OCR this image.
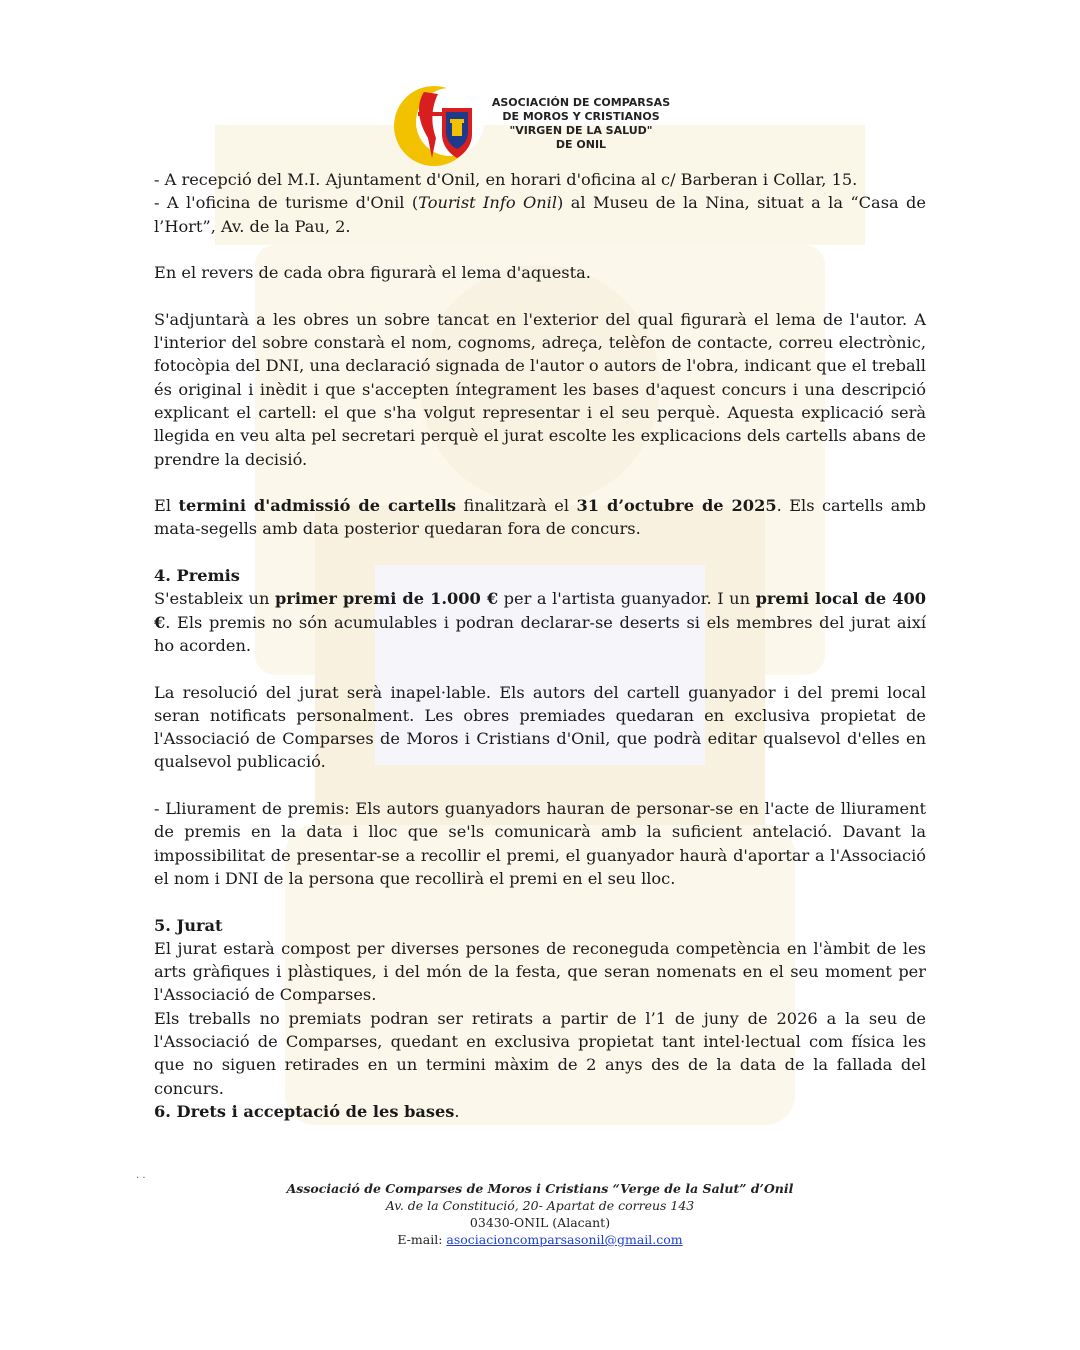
ASOCIACIÓN DE COMPARSAS
DE MOROS Y CRISTIANOS
"VIRGEN DE LA SALUD"
DE ONIL

- A recepció del M.I. Ajuntament d'Onil, en horari d'oficina al c/ Barberan i Collar, 15.

- A l'oficina de turisme d'Onil (Tourist Info Onil) al Museu de la Nina, situat a la “Casa de l’Hort”, Av. de la Pau, 2.

En el revers de cada obra figurarà el lema d'aquesta.

S'adjuntarà a les obres un sobre tancat en l'exterior del qual figurarà el lema de l'autor. A l'interior del sobre constarà el nom, cognoms, adreça, telèfon de contacte, correu electrònic, fotocòpia del DNI, una declaració signada de l'autor o autors de l'obra, indicant que el treball és original i inèdit i que s'accepten íntegrament les bases d'aquest concurs i una descripció explicant el cartell: el que s'ha volgut representar i el seu perquè. Aquesta explicació serà llegida en veu alta pel secretari perquè el jurat escolte les explicacions dels cartells abans de prendre la decisió.

El termini d'admissió de cartells finalitzarà el 31 d’octubre de 2025. Els cartells amb mata-segells amb data posterior quedaran fora de concurs.

4. Premis

S'estableix un primer premi de 1.000 € per a l'artista guanyador. I un premi local de 400 €. Els premis no són acumulables i podran declarar-se deserts si els membres del jurat així ho acorden.

La resolució del jurat serà inapel·lable. Els autors del cartell guanyador i del premi local seran notificats personalment. Les obres premiades quedaran en exclusiva propietat de l'Associació de Comparses de Moros i Cristians d'Onil, que podrà editar qualsevol d'elles en qualsevol publicació.

- Lliurament de premis: Els autors guanyadors hauran de personar-se en l'acte de lliurament de premis en la data i lloc que se'ls comunicarà amb la suficient antelació. Davant la impossibilitat de presentar-se a recollir el premi, el guanyador haurà d'aportar a l'Associació el nom i DNI de la persona que recollirà el premi en el seu lloc.

5. Jurat

El jurat estarà compost per diverses persones de reconeguda competència en l'àmbit de les arts gràfiques i plàstiques, i del món de la festa, que seran nomenats en el seu moment per l'Associació de Comparses.

Els treballs no premiats podran ser retirats a partir de l’1 de juny de 2026 a la seu de l'Associació de Comparses, quedant en exclusiva propietat tant intel·lectual com física les que no siguen retirades en un termini màxim de 2 anys des de la data de la fallada del concurs.

6. Drets i acceptació de les bases.

. .
Associació de Comparses de Moros i Cristians “Verge de la Salut” d’Onil
Av. de la Constitució, 20- Apartat de correus 143
03430-ONIL (Alacant)
E-mail: asociacioncomparsasonil@gmail.com
